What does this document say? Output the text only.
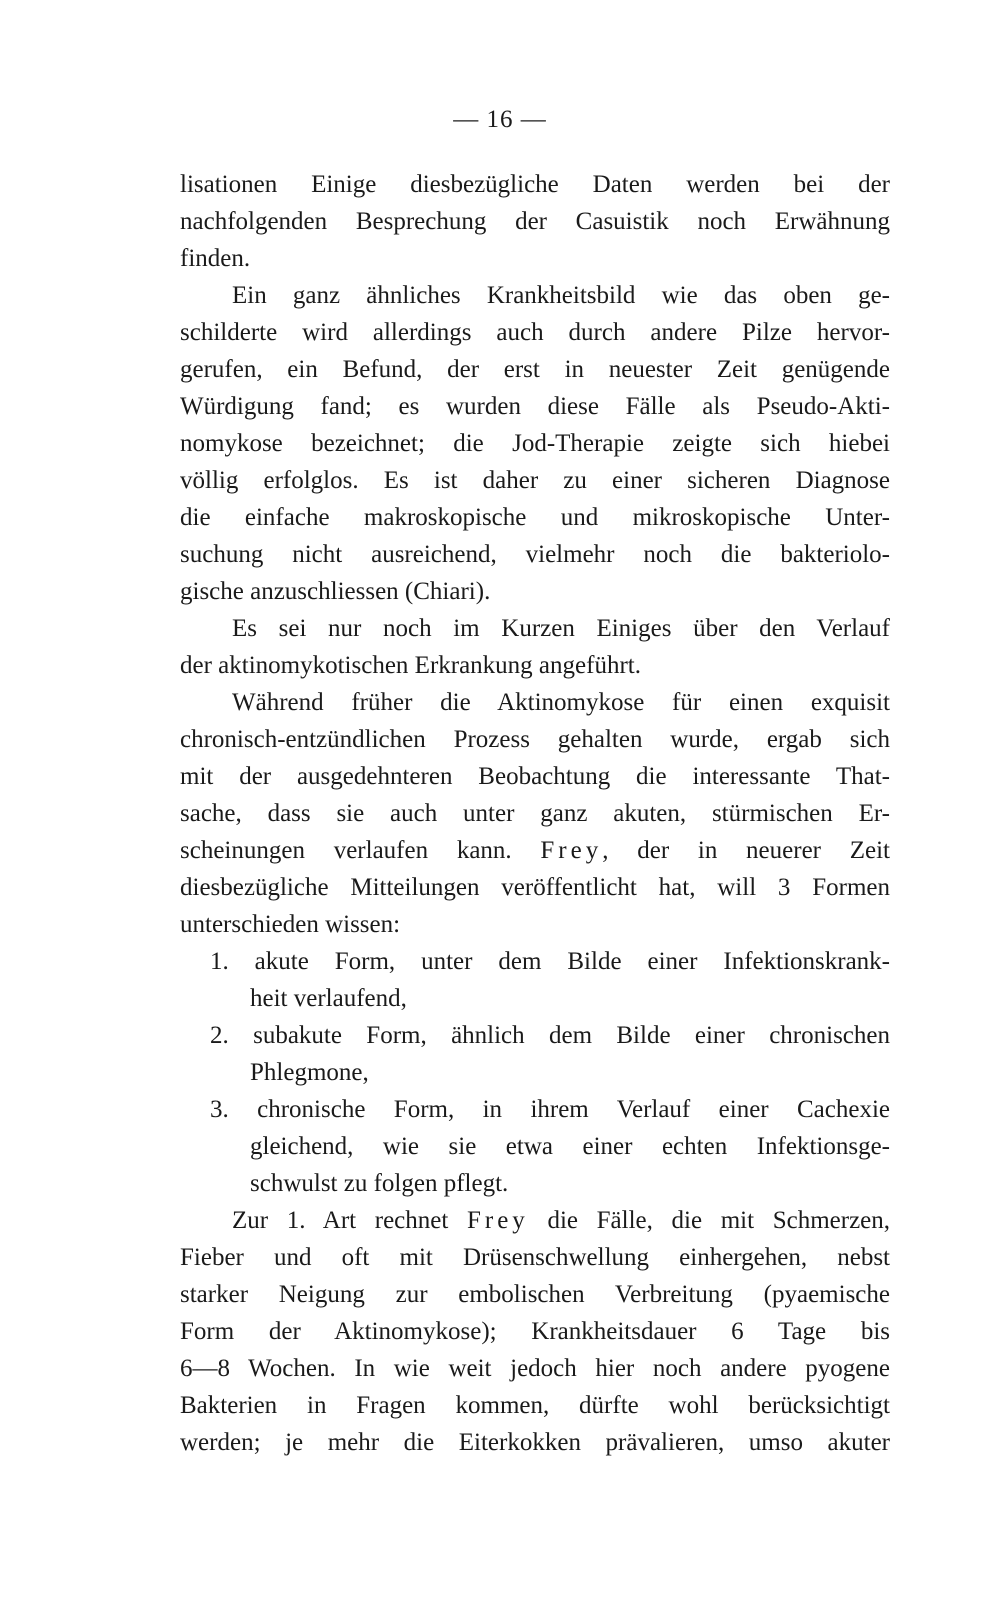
— 16 —
lisationen Einige diesbezügliche Daten werden bei der
nachfolgenden Besprechung der Casuistik noch Erwähnung
finden.
Ein ganz ähnliches Krankheitsbild wie das oben ge-
schilderte wird allerdings auch durch andere Pilze hervor-
gerufen, ein Befund, der erst in neuester Zeit genügende
Würdigung fand; es wurden diese Fälle als Pseudo-Akti-
nomykose bezeichnet; die Jod-Therapie zeigte sich hiebei
völlig erfolglos. Es ist daher zu einer sicheren Diagnose
die einfache makroskopische und mikroskopische Unter-
suchung nicht ausreichend, vielmehr noch die bakteriolo-
gische anzuschliessen (Chiari).
Es sei nur noch im Kurzen Einiges über den Verlauf
der aktinomykotischen Erkrankung angeführt.
Während früher die Aktinomykose für einen exquisit
chronisch-entzündlichen Prozess gehalten wurde, ergab sich
mit der ausgedehnteren Beobachtung die interessante That-
sache, dass sie auch unter ganz akuten, stürmischen Er-
scheinungen verlaufen kann. Frey, der in neuerer Zeit
diesbezügliche Mitteilungen veröffentlicht hat, will 3 Formen
unterschieden wissen:
1. akute Form, unter dem Bilde einer Infektionskrank-
heit verlaufend,
2. subakute Form, ähnlich dem Bilde einer chronischen
Phlegmone,
3. chronische Form, in ihrem Verlauf einer Cachexie
gleichend, wie sie etwa einer echten Infektionsge-
schwulst zu folgen pflegt.
Zur 1. Art rechnet Frey die Fälle, die mit Schmerzen,
Fieber und oft mit Drüsenschwellung einhergehen, nebst
starker Neigung zur embolischen Verbreitung (pyaemische
Form der Aktinomykose); Krankheitsdauer 6 Tage bis
6—8 Wochen. In wie weit jedoch hier noch andere pyogene
Bakterien in Fragen kommen, dürfte wohl berücksichtigt
werden; je mehr die Eiterkokken prävalieren, umso akuter
